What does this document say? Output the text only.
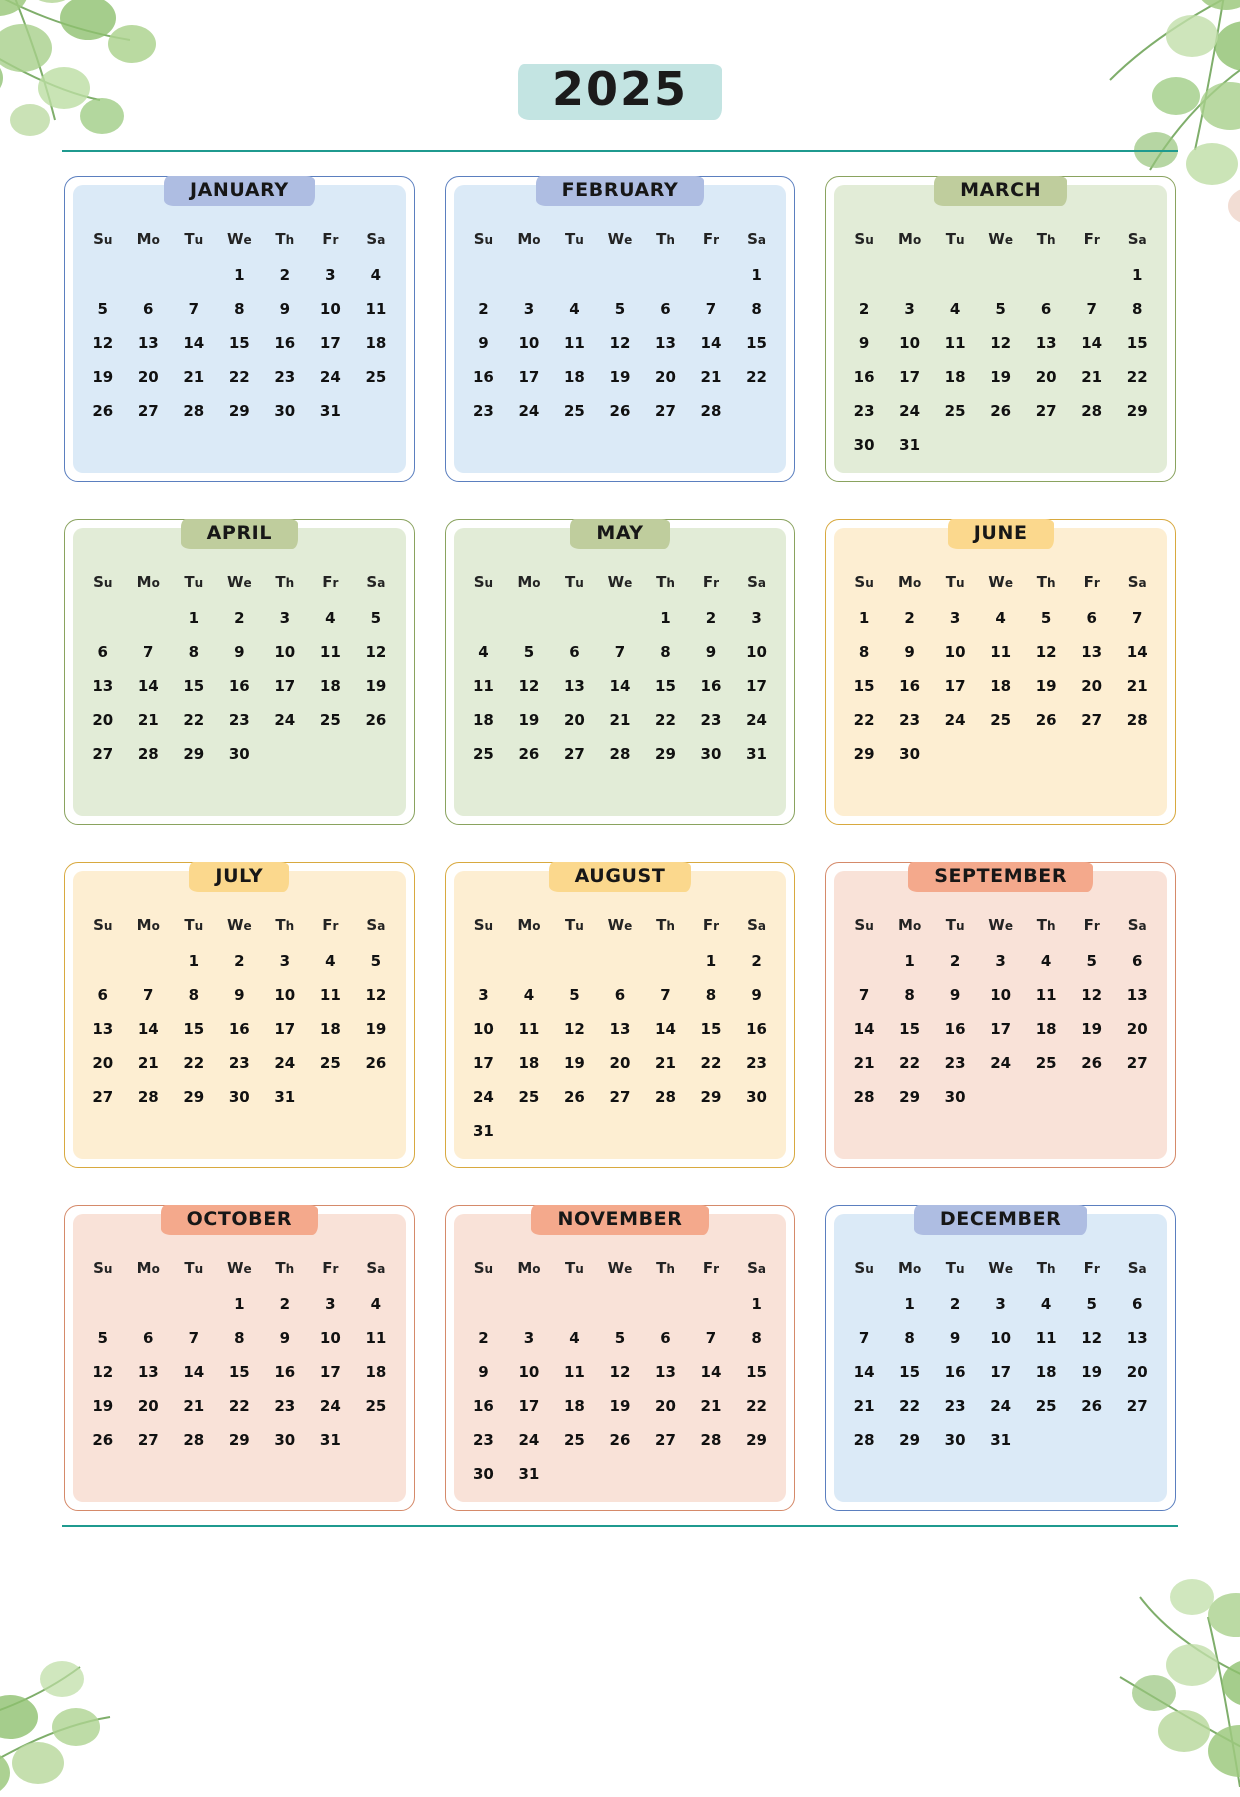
2025
JANUARY
Su	Mo	Tu	We	Th	Fr	Sa
			1	2	3	4
5	6	7	8	9	10	11
12	13	14	15	16	17	18
19	20	21	22	23	24	25
26	27	28	29	30	31	
FEBRUARY
Su	Mo	Tu	We	Th	Fr	Sa
						1
2	3	4	5	6	7	8
9	10	11	12	13	14	15
16	17	18	19	20	21	22
23	24	25	26	27	28	
MARCH
Su	Mo	Tu	We	Th	Fr	Sa
						1
2	3	4	5	6	7	8
9	10	11	12	13	14	15
16	17	18	19	20	21	22
23	24	25	26	27	28	29
30	31					
APRIL
Su	Mo	Tu	We	Th	Fr	Sa
		1	2	3	4	5
6	7	8	9	10	11	12
13	14	15	16	17	18	19
20	21	22	23	24	25	26
27	28	29	30			
MAY
Su	Mo	Tu	We	Th	Fr	Sa
				1	2	3
4	5	6	7	8	9	10
11	12	13	14	15	16	17
18	19	20	21	22	23	24
25	26	27	28	29	30	31
JUNE
Su	Mo	Tu	We	Th	Fr	Sa
1	2	3	4	5	6	7
8	9	10	11	12	13	14
15	16	17	18	19	20	21
22	23	24	25	26	27	28
29	30					
JULY
Su	Mo	Tu	We	Th	Fr	Sa
		1	2	3	4	5
6	7	8	9	10	11	12
13	14	15	16	17	18	19
20	21	22	23	24	25	26
27	28	29	30	31		
AUGUST
Su	Mo	Tu	We	Th	Fr	Sa
					1	2
3	4	5	6	7	8	9
10	11	12	13	14	15	16
17	18	19	20	21	22	23
24	25	26	27	28	29	30
31						
SEPTEMBER
Su	Mo	Tu	We	Th	Fr	Sa
	1	2	3	4	5	6
7	8	9	10	11	12	13
14	15	16	17	18	19	20
21	22	23	24	25	26	27
28	29	30				
OCTOBER
Su	Mo	Tu	We	Th	Fr	Sa
			1	2	3	4
5	6	7	8	9	10	11
12	13	14	15	16	17	18
19	20	21	22	23	24	25
26	27	28	29	30	31	
NOVEMBER
Su	Mo	Tu	We	Th	Fr	Sa
						1
2	3	4	5	6	7	8
9	10	11	12	13	14	15
16	17	18	19	20	21	22
23	24	25	26	27	28	29
30	31					
DECEMBER
Su	Mo	Tu	We	Th	Fr	Sa
	1	2	3	4	5	6
7	8	9	10	11	12	13
14	15	16	17	18	19	20
21	22	23	24	25	26	27
28	29	30	31			
